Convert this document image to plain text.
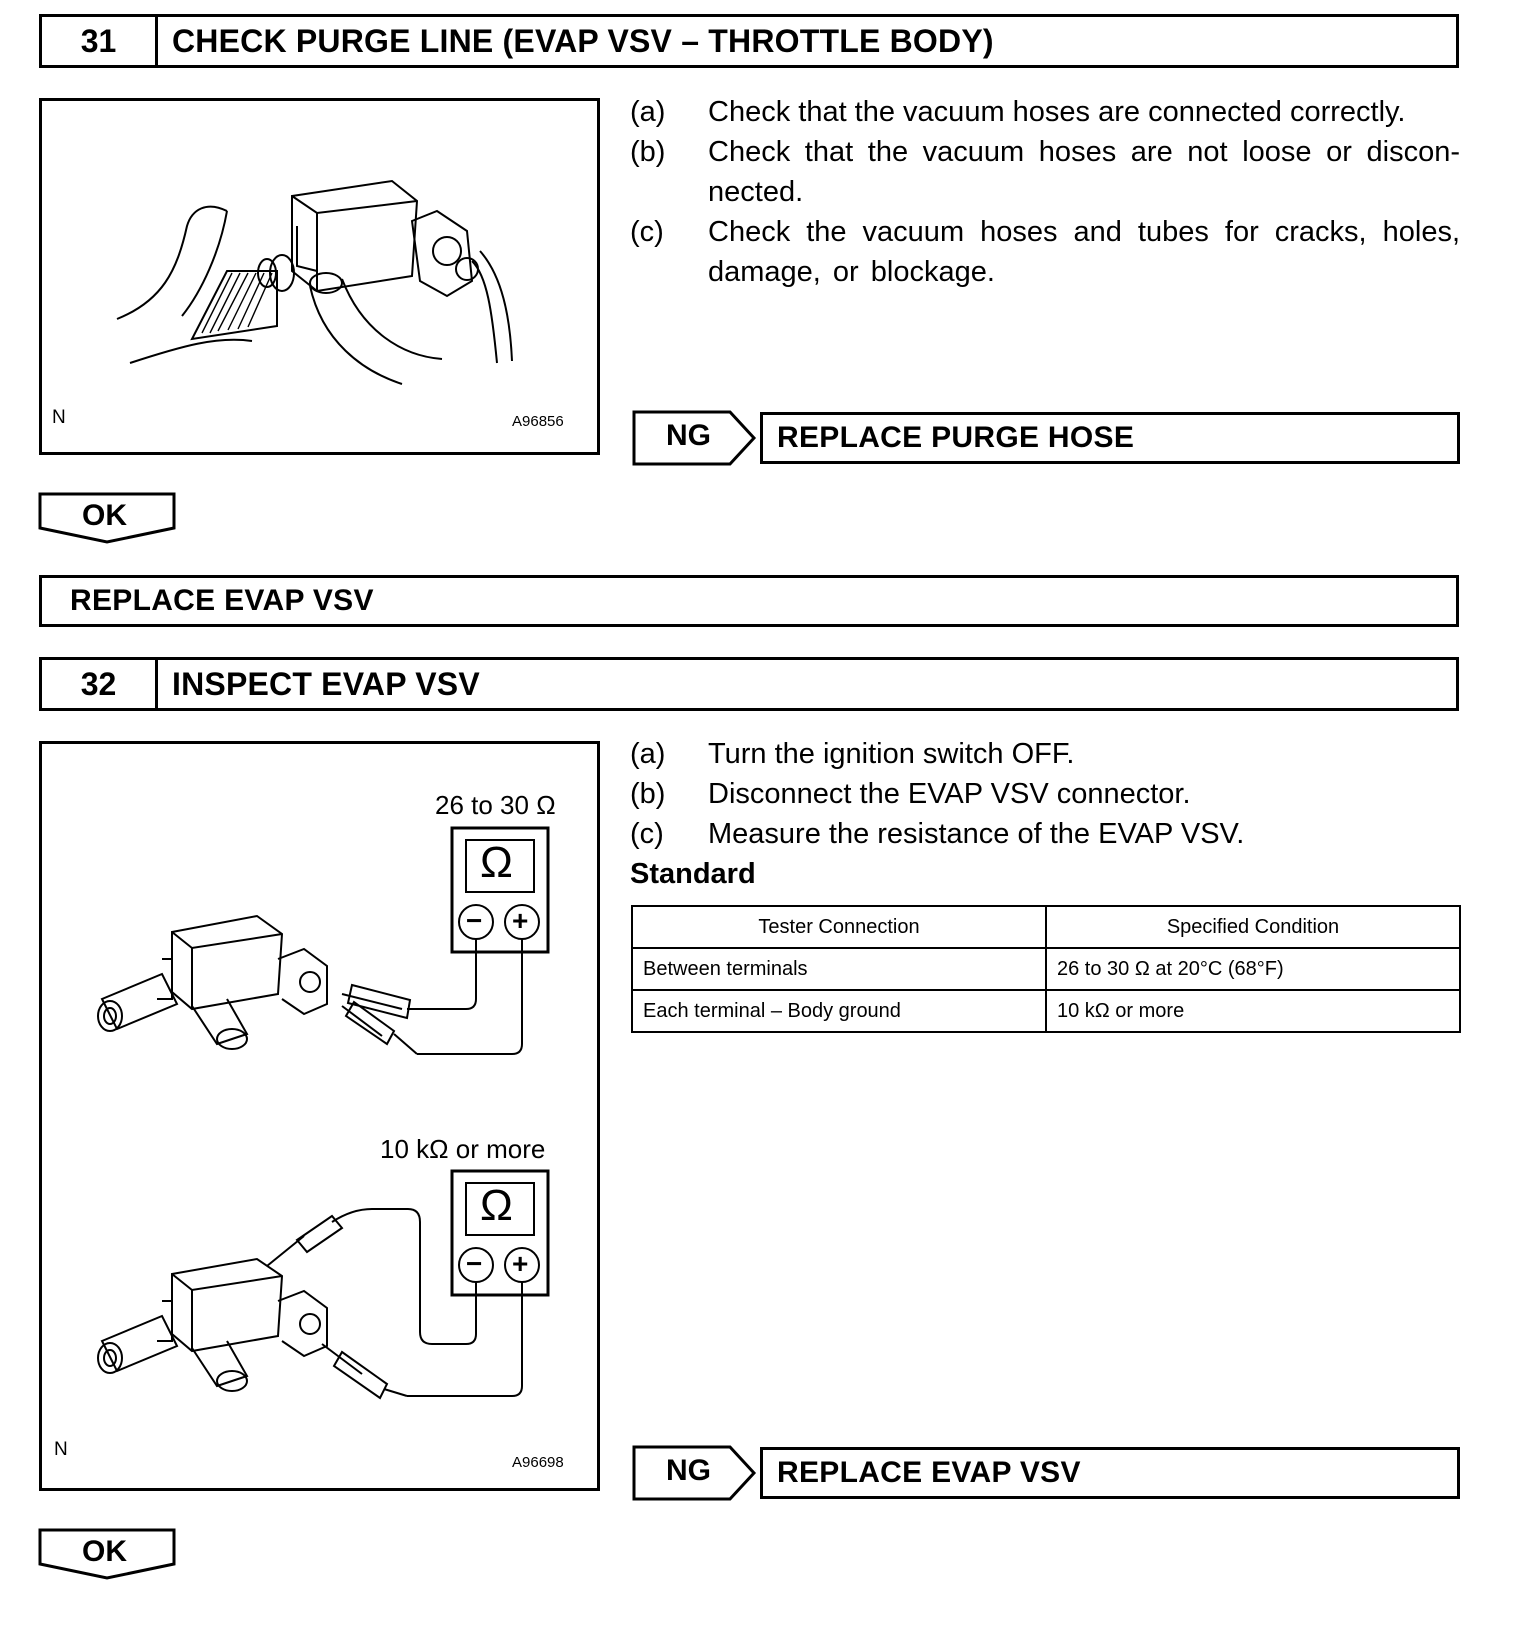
31	CHECK PURGE LINE (EVAP VSV – THROTTLE BODY)
N	A96856
(a)	Check that the vacuum hoses are connected correctly.
(b)	Check that the vacuum hoses are not loose or discon-nected.
(c)	Check the vacuum hoses and tubes for cracks, holes, damage, or blockage.
NG	REPLACE PURGE HOSE
OK
REPLACE EVAP VSV
32	INSPECT EVAP VSV
Ω
− +
Ω
− +
26 to 30 Ω
10 kΩ or more
N
A96698
(a)	Turn the ignition switch OFF.
(b)	Disconnect the EVAP VSV connector.
(c)	Measure the resistance of the EVAP VSV.
Standard
Tester Connection	Specified Condition
Between terminals	26 to 30 Ω at 20°C (68°F)
Each terminal – Body ground	10 kΩ or more
NG	REPLACE EVAP VSV
OK
